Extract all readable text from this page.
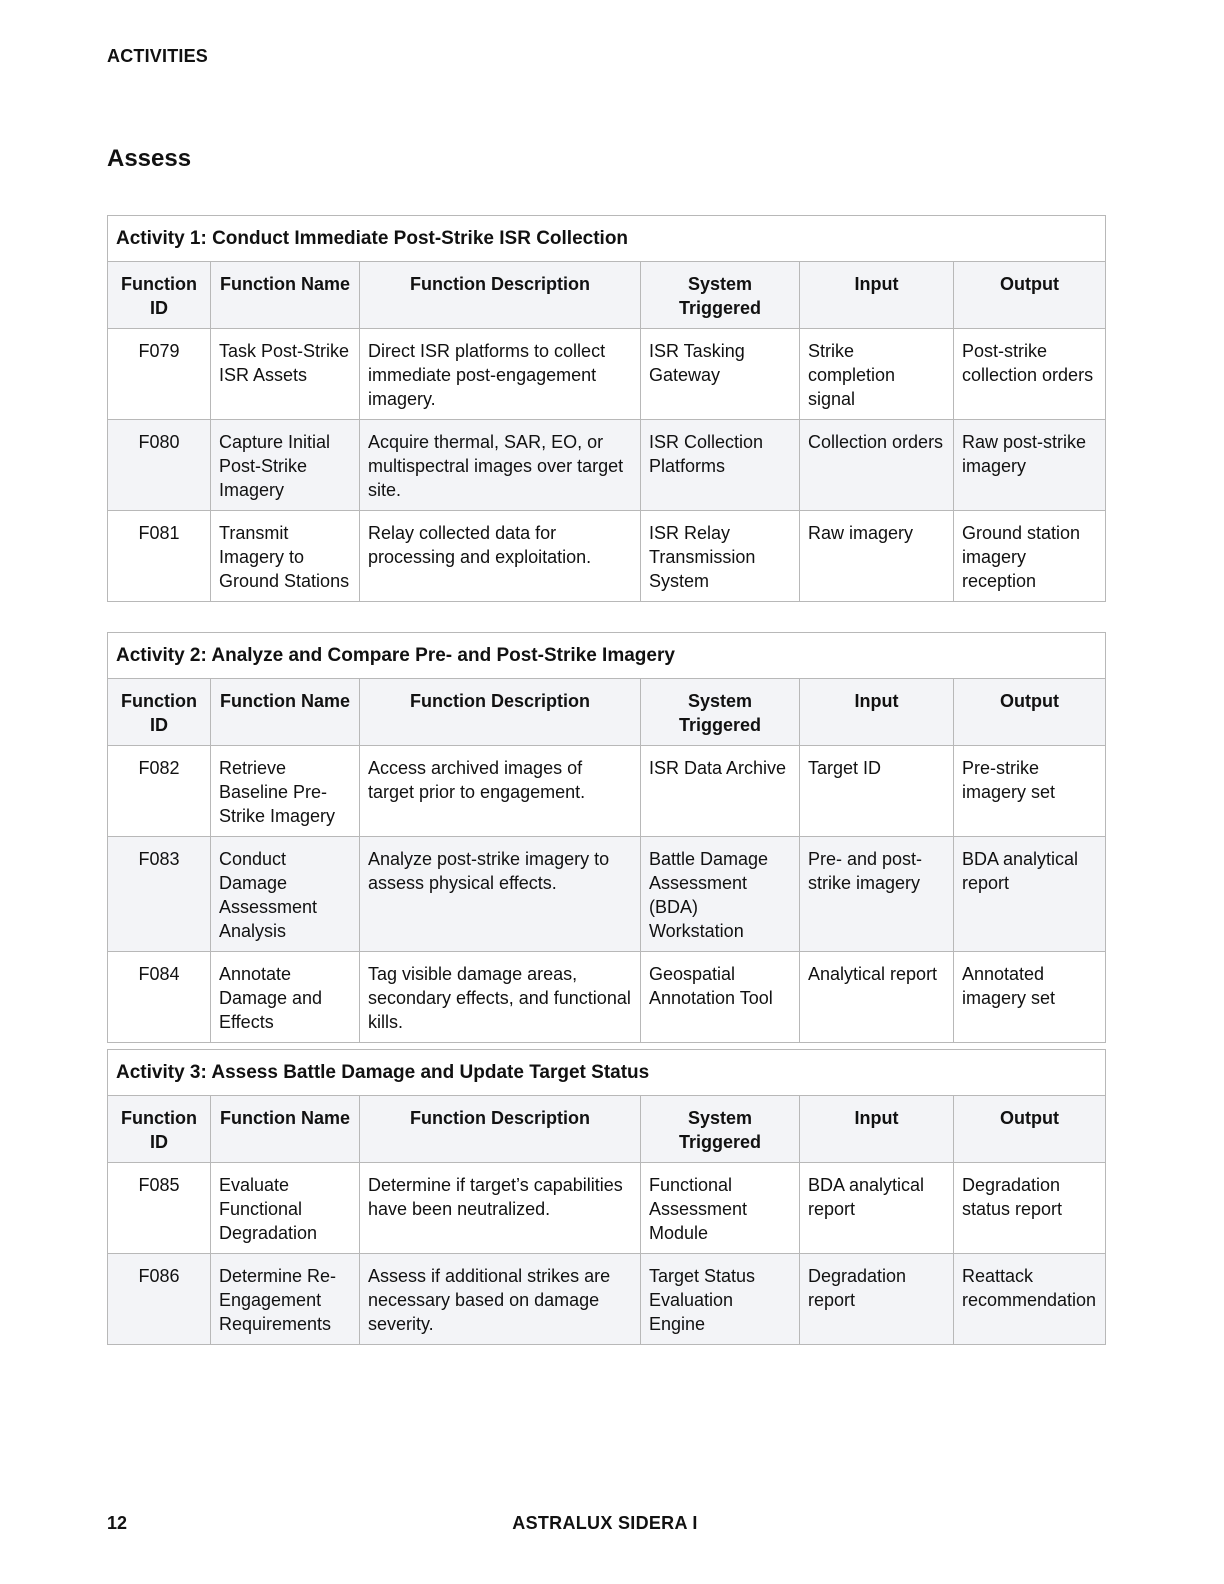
ACTIVITIES
Assess
Activity 1: Conduct Immediate Post-Strike ISR Collection					
Function ID	Function Name	Function Description	System Triggered	Input	Output
F079	Task Post-Strike ISR Assets	Direct ISR platforms to collect immediate post-engagement imagery.	ISR Tasking Gateway	Strike completion signal	Post-strike collection orders
F080	Capture Initial Post-Strike Imagery	Acquire thermal, SAR, EO, or multispectral images over target site.	ISR Collection Platforms	Collection orders	Raw post-strike imagery
F081	Transmit Imagery to Ground Stations	Relay collected data for processing and exploitation.	ISR Relay Transmission System	Raw imagery	Ground station imagery reception
Activity 2: Analyze and Compare Pre- and Post-Strike Imagery					
Function ID	Function Name	Function Description	System Triggered	Input	Output
F082	Retrieve Baseline Pre-Strike Imagery	Access archived images of target prior to engagement.	ISR Data Archive	Target ID	Pre-strike imagery set
F083	Conduct Damage Assessment Analysis	Analyze post-strike imagery to assess physical effects.	Battle Damage Assessment (BDA) Workstation	Pre- and post-strike imagery	BDA analytical report
F084	Annotate Damage and Effects	Tag visible damage areas, secondary effects, and functional kills.	Geospatial Annotation Tool	Analytical report	Annotated imagery set
Activity 3: Assess Battle Damage and Update Target Status					
Function ID	Function Name	Function Description	System Triggered	Input	Output
F085	Evaluate Functional Degradation	Determine if target’s capabilities have been neutralized.	Functional Assessment Module	BDA analytical report	Degradation status report
F086	Determine Re-Engagement Requirements	Assess if additional strikes are necessary based on damage severity.	Target Status Evaluation Engine	Degradation report	Reattack recommendation
12	ASTRALUX SIDERA I
